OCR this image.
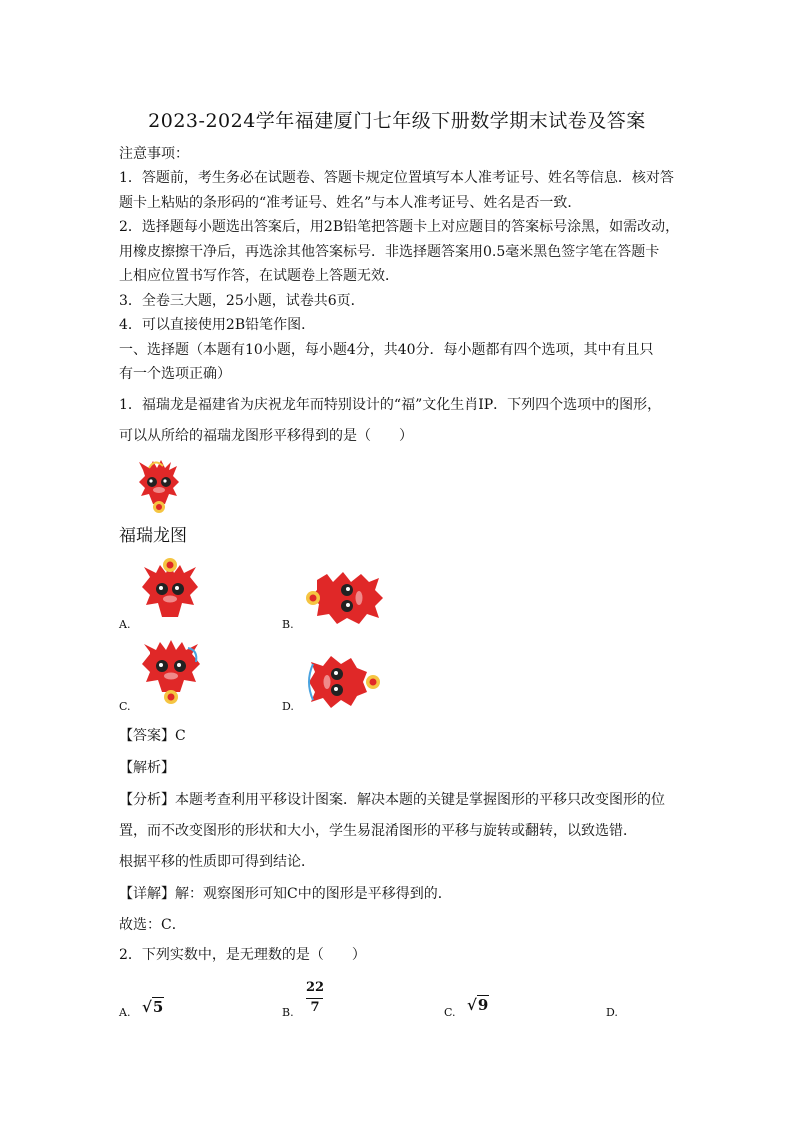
2023-2024学年福建厦门七年级下册数学期末试卷及答案
注意事项：
1．答题前，考生务必在试题卷、答题卡规定位置填写本人准考证号、姓名等信息．核对答
题卡上粘贴的条形码的“准考证号、姓名”与本人准考证号、姓名是否一致．
2．选择题每小题选出答案后，用2B铅笔把答题卡上对应题目的答案标号涂黑，如需改动，
用橡皮擦擦干净后，再选涂其他答案标号．非选择题答案用0.5毫米黑色签字笔在答题卡
上相应位置书写作答，在试题卷上答题无效．
3．全卷三大题，25小题，试卷共6页．
4．可以直接使用2B铅笔作图．
一、选择题（本题有10小题，每小题4分，共40分．每小题都有四个选项，其中有且只
有一个选项正确）
1．福瑞龙是福建省为庆祝龙年而特别设计的“福”文化生肖IP．下列四个选项中的图形，
可以从所给的福瑞龙图形平移得到的是（　　）
福瑞龙图
A.	B.
C.	D.
【答案】C
【解析】
【分析】本题考查利用平移设计图案．解决本题的关键是掌握图形的平移只改变图形的位
置，而不改变图形的形状和大小，学生易混淆图形的平移与旋转或翻转，以致选错．
根据平移的性质即可得到结论．
【详解】解：观察图形可知C中的图形是平移得到的．
故选：C．
2．下列实数中，是无理数的是（　　）
A. √5	B.
22
7	C. √9	D.
